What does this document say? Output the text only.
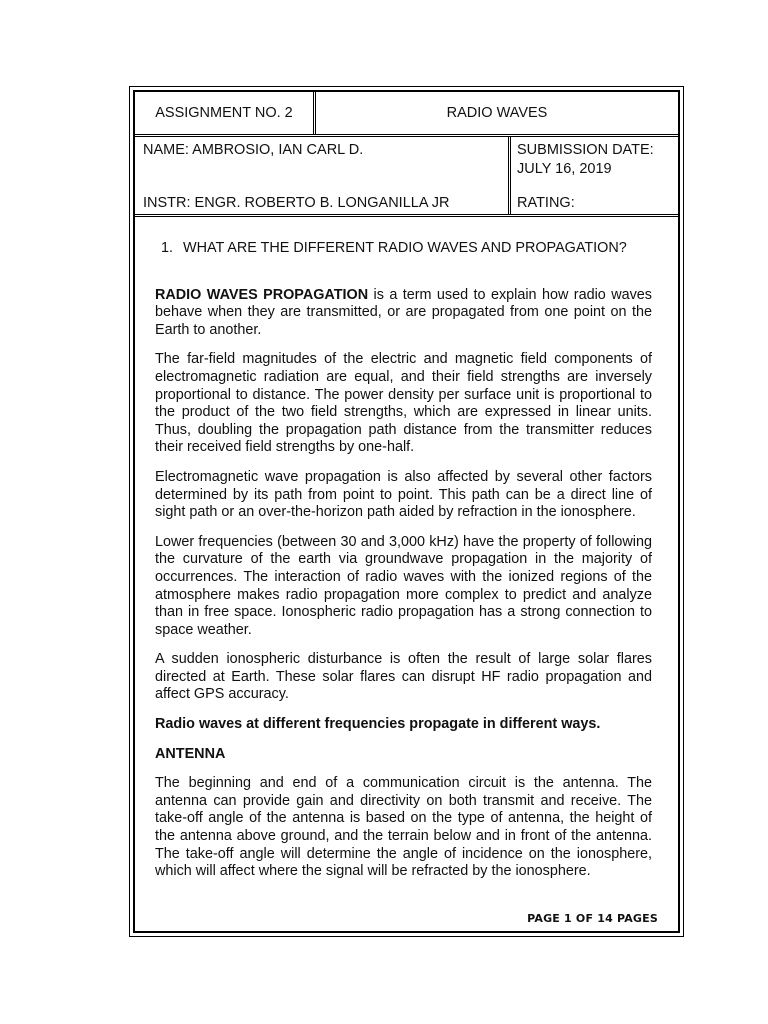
ASSIGNMENT NO. 2	RADIO WAVES
NAME: AMBROSIO, IAN CARL D.
INSTR: ENGR. ROBERTO B. LONGANILLA JR
SUBMISSION DATE:
JULY 16, 2019
RATING:
1. WHAT ARE THE DIFFERENT RADIO WAVES AND PROPAGATION?

RADIO WAVES PROPAGATION is a term used to explain how radio waves behave when they are transmitted, or are propagated from one point on the Earth to another.

The far-field magnitudes of the electric and magnetic field components of electromagnetic radiation are equal, and their field strengths are inversely proportional to distance. The power density per surface unit is proportional to the product of the two field strengths, which are expressed in linear units. Thus, doubling the propagation path distance from the transmitter reduces their received field strengths by one-half.

Electromagnetic wave propagation is also affected by several other factors determined by its path from point to point. This path can be a direct line of sight path or an over-the-horizon path aided by refraction in the ionosphere.

Lower frequencies (between 30 and 3,000 kHz) have the property of following the curvature of the earth via groundwave propagation in the majority of occurrences. The interaction of radio waves with the ionized regions of the atmosphere makes radio propagation more complex to predict and analyze than in free space. Ionospheric radio propagation has a strong connection to space weather.

A sudden ionospheric disturbance is often the result of large solar flares directed at Earth. These solar flares can disrupt HF radio propagation and affect GPS accuracy.

Radio waves at different frequencies propagate in different ways.

ANTENNA

The beginning and end of a communication circuit is the antenna. The antenna can provide gain and directivity on both transmit and receive. The take-off angle of the antenna is based on the type of antenna, the height of the antenna above ground, and the terrain below and in front of the antenna. The take-off angle will determine the angle of incidence on the ionosphere, which will affect where the signal will be refracted by the ionosphere.

PAGE 1 OF 14 PAGES
